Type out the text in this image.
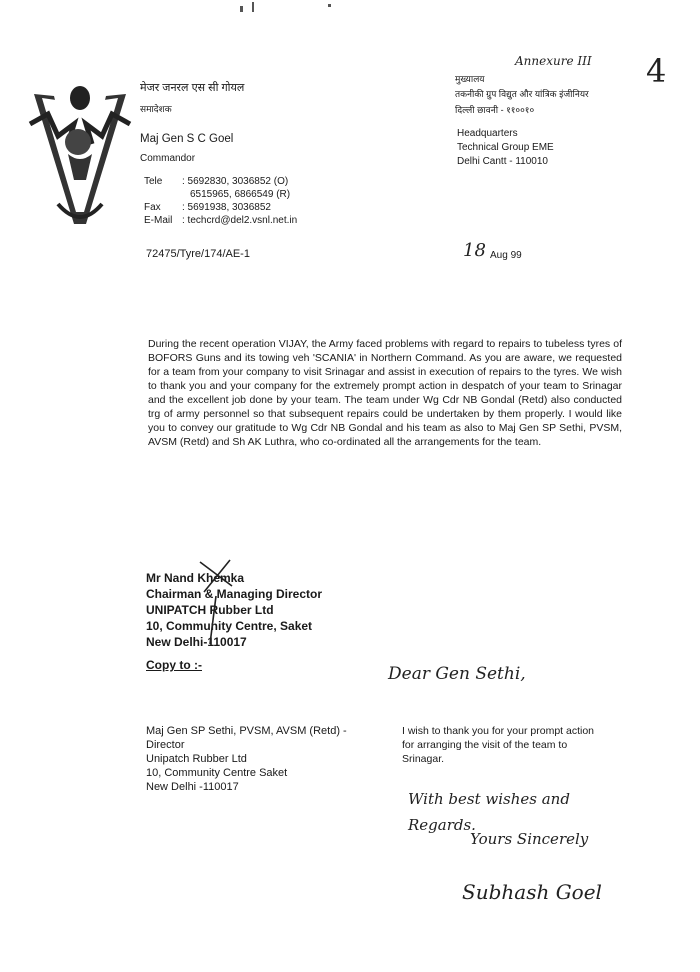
Annexure III 4
मेजर जनरल एस सी गोयल
समादेशक
Maj Gen S C Goel
Commandor
Tele : 5692830, 3036852 (O)
6515965, 6866549 (R)
Fax : 5691938, 3036852
E-Mail : techcrd@del2.vsnl.net.in
मुख्यालय
तकनीकी ग्रुप विद्युत और यांत्रिक इंजीनियर
दिल्ली छावनी - ११००१०
Headquarters
Technical Group EME
Delhi Cantt - 110010
72475/Tyre/174/AE-1	18 Aug 99
During the recent operation VIJAY, the Army faced problems with regard to repairs to tubeless tyres of BOFORS Guns and its towing veh 'SCANIA' in Northern Command. As you are aware, we requested for a team from your company to visit Srinagar and assist in execution of repairs to the tyres. We wish to thank you and your company for the extremely prompt action in despatch of your team to Srinagar and the excellent job done by your team. The team under Wg Cdr NB Gondal (Retd) also conducted trg of army personnel so that subsequent repairs could be undertaken by them properly. I would like you to convey our gratitude to Wg Cdr NB Gondal and his team as also to Maj Gen SP Sethi, PVSM, AVSM (Retd) and Sh AK Luthra, who co-ordinated all the arrangements for the team.
Mr Nand Khemka
Chairman & Managing Director
UNIPATCH Rubber Ltd
10, Community Centre, Saket
New Delhi-110017
Copy to :-	Dear Gen Sethi,
Maj Gen SP Sethi, PVSM, AVSM (Retd) -
Director
Unipatch Rubber Ltd
10, Community Centre Saket
New Delhi -110017
I wish to thank you for your prompt action for arranging the visit of the team to Srinagar.
With best wishes and
Regards.
Yours Sincerely
Subhash Goel
